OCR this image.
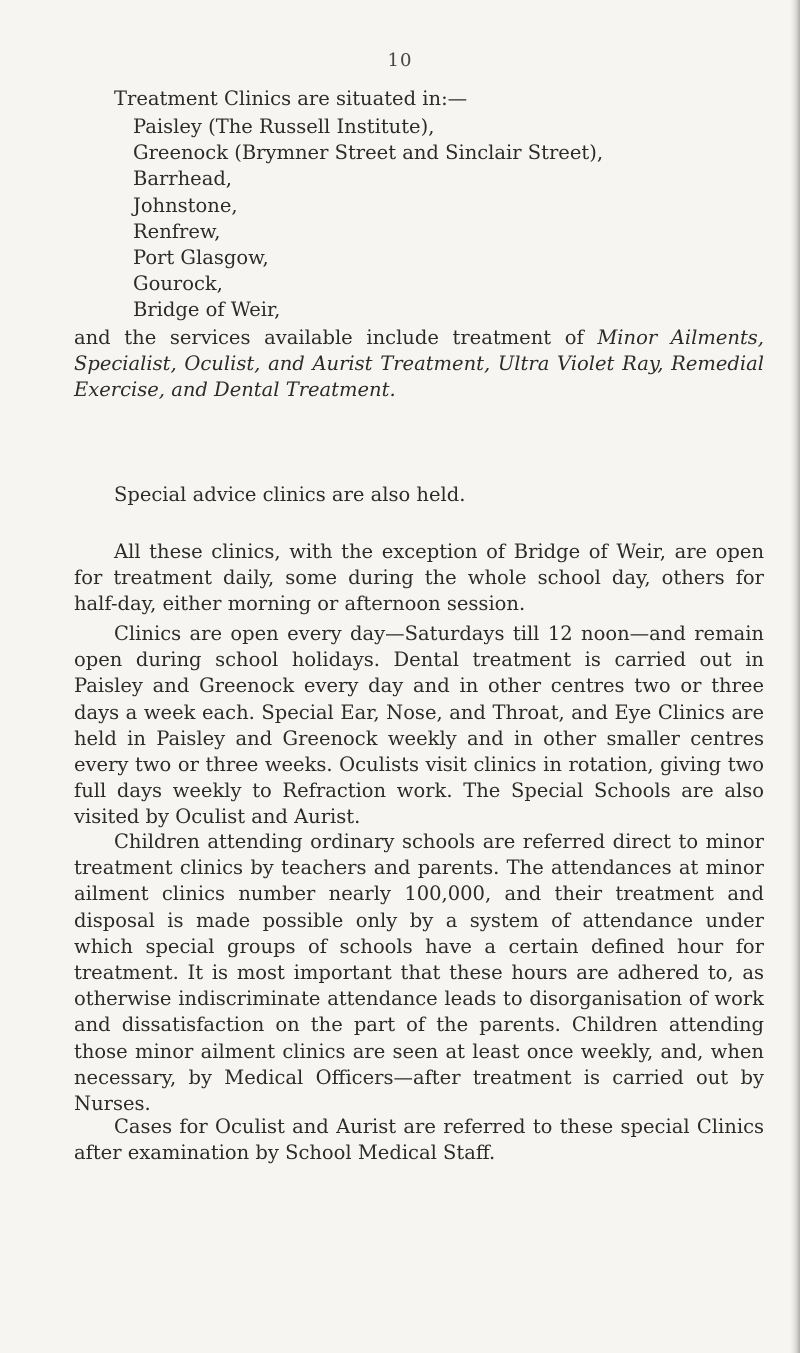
10
Treatment Clinics are situated in:—
Paisley (The Russell Institute),
Greenock (Brymner Street and Sinclair Street),
Barrhead,
Johnstone,
Renfrew,
Port Glasgow,
Gourock,
Bridge of Weir,
and the services available include treatment of Minor Ailments, Specialist, Oculist, and Aurist Treatment, Ultra Violet Ray, Remedial Exercise, and Dental Treatment.
Special advice clinics are also held.
All these clinics, with the exception of Bridge of Weir, are open for treatment daily, some during the whole school day, others for half-day, either morning or afternoon session.
Clinics are open every day—Saturdays till 12 noon—and remain open during school holidays. Dental treatment is carried out in Paisley and Greenock every day and in other centres two or three days a week each. Special Ear, Nose, and Throat, and Eye Clinics are held in Paisley and Greenock weekly and in other smaller centres every two or three weeks. Oculists visit clinics in rotation, giving two full days weekly to Refraction work. The Special Schools are also visited by Oculist and Aurist.
Children attending ordinary schools are referred direct to minor treatment clinics by teachers and parents. The attendances at minor ailment clinics number nearly 100,000, and their treatment and disposal is made possible only by a system of attendance under which special groups of schools have a certain defined hour for treatment. It is most important that these hours are adhered to, as otherwise indiscriminate attendance leads to disorganisation of work and dissatisfaction on the part of the parents. Children attending those minor ailment clinics are seen at least once weekly, and, when necessary, by Medical Officers—after treatment is carried out by Nurses.
Cases for Oculist and Aurist are referred to these special Clinics after examination by School Medical Staff.
